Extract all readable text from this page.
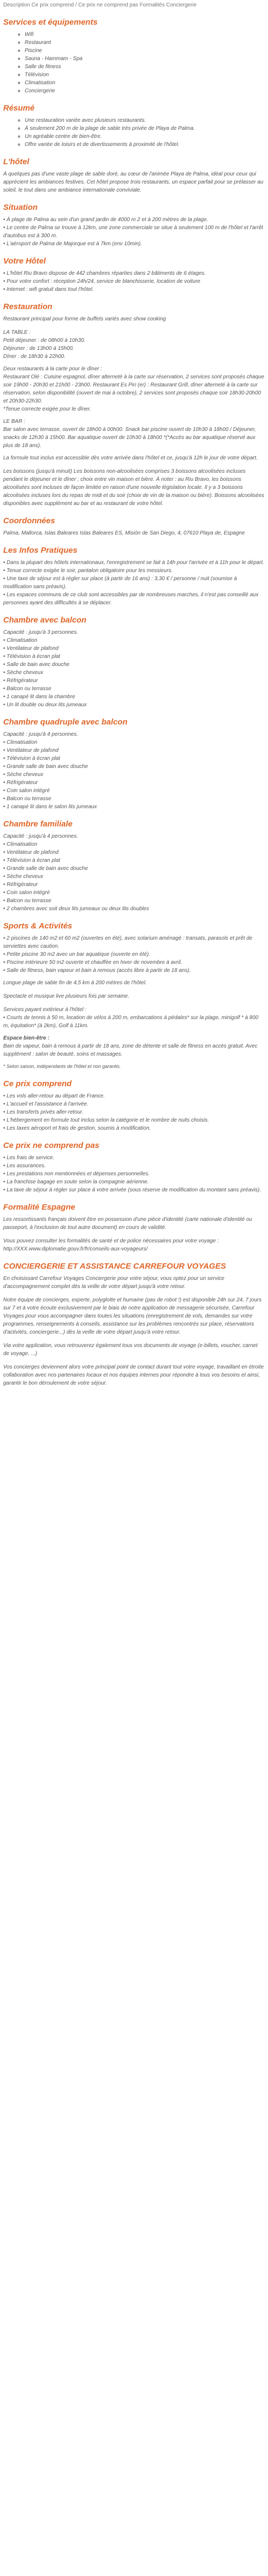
Description Ce prix comprend / Ce prix ne comprend pas Formalités Conciergerie
Services et équipements
◦ Wifi
◦ Restaurant
◦ Piscine
◦ Sauna - Hammam - Spa
◦ Salle de fitness
◦ Télévision
◦ Climatisation
◦ Conciergerie
Résumé
◦ Une restauration variée avec plusieurs restaurants.
◦ À seulement 200 m de la plage de sable très privée de Playa de Palma.
◦ Un agréable centre de bien-être.
◦ Offre variée de loisirs et de divertissements à proximité de l'hôtel.
L'hôtel

À quelques pas d'une vaste plage de sable doré, au cœur de l'animée Playa de Palma, idéal pour ceux qui apprécient les ambiances festives. Cet hôtel propose trois restaurants, un espace parfait pour se prélasser au soleil, le tout dans une ambiance internationale conviviale.

Situation
• À plage de Palma au sein d'un grand jardin de 4000 m 2 et à 200 mètres de la plage.
• Le centre de Palma se trouve à 12km, une zone commerciale se situe à seulement 100 m de l'hôtel et l'arrêt d'autobus est à 300 m.
• L'aéroport de Palma de Majorque est à 7km (env 10min).
Votre Hôtel
• L'hôtel Riu Bravo dispose de 442 chambres réparties dans 2 bâtiments de 6 étages.
• Pour votre confort : réception 24h/24, service de blanchisserie, location de voiture
• Internet : wifi gratuit dans tout l'hôtel.
Restauration

Restaurant principal pour forme de buffets variés avec show cooking

LA TABLE :
Petit déjeuner : de 08h00 à 10h30.
Déjeuner : de 13h00 à 15h00.
Dîner : de 18h30 à 22h00.
Deux restaurants à la carte pour le dîner :
Restaurant Olé : Cuisine espagnol, dîner alterneté à la carte sur réservation, 2 services sont proposés chaque soir 19h00 - 20h30 et 21h00 - 23h00. Restaurant Es Piri (er) : Restaurant Grill, dîner alterneté à la carte sur réservation, selon disponibilité (ouvert de mai à octobre), 2 services sont proposés chaque soir 18h30-20h00 et 20h30-22h30.
*Tenue correcte exigée pour le dîner.
LE BAR :
Bar salon avec terrasse, ouvert de 18h00 à 00h00. Snack bar piscine ouvert de 10h30 à 18h00 / Déjeuner, snacks de 12h30 à 15h00. Bar aquatique ouvert de 10h30 à 18h00 *(*Accès au bar aquatique réservé aux plus de 18 ans).

La formule tout inclus est accessible dès votre arrivée dans l'hôtel et ce, jusqu'à 12h le jour de votre départ.

Les boissons (jusqu'à minuit) Les boissons non-alcoolisées comprises 3 boissons alcoolisées incluses pendant le déjeuner et le dîner ; choix entre vin maison et bière. À noter : au Riu Bravo, les boissons alcoolisées sont incluses de façon limitée en raison d'une nouvelle législation locale. Il y a 3 boissons alcoolisées incluses lors du repas de midi et du soir (choix de vin de la maison ou bière). Boissons alcoolisées disponibles avec supplément au bar et au restaurant de votre hôtel.

Coordonnées

Palma, Mallorca, Islas Baleares Islas Baleares ES, Misión de San Diego, 4, 07610 Playa de, Espagne

Les Infos Pratiques
• Dans la plupart des hôtels internationaux, l'enregistrement se fait à 14h pour l'arrivée et à 11h pour le départ.
• Tenue correcte exigée le soir, pantalon obligatoire pour les messieurs.
• Une taxe de séjour est à régler sur place (à partir de 16 ans) : 3,30 € / personne / nuit (soumise à modification sans préavis).
• Les espaces communs de ce club sont accessibles par de nombreuses marches, il n'est pas conseillé aux personnes ayant des difficultés à se déplacer.
Chambre avec balcon
Capacité : jusqu'à 3 personnes.
• Climatisation
• Ventilateur de plafond
• Télévision à écran plat
• Salle de bain avec douche
• Sèche cheveux
• Réfrigérateur
• Balcon ou terrasse
• 1 canapé lit dans la chambre
• Un lit double ou deux lits jumeaux
Chambre quadruple avec balcon
Capacité : jusqu'à 4 personnes.
• Climatisation
• Ventilateur de plafond
• Télévision à écran plat
• Grande salle de bain avec douche
• Sèche cheveux
• Réfrigérateur
• Coin salon intégré
• Balcon ou terrasse
• 1 canapé lit dans le salon lits jumeaux
Chambre familiale
Capacité : jusqu'à 4 personnes.
• Climatisation
• Ventilateur de plafond
• Télévision à écran plat
• Grande salle de bain avec douche
• Sèche cheveux
• Réfrigérateur
• Coin salon intégré
• Balcon ou terrasse
• 2 chambres avec soit deux lits jumeaux ou deux lits doubles
Sports & Activités
• 2 piscines de 140 m2 et 60 m2 (ouvertes en été), avec solarium aménagé : transats, parasols et prêt de serviettes avec caution.
• Petite piscine 30 m2 avec un bar aquatique (ouverte en été).
• Piscine intérieure 50 m2 ouverte et chauffée en hiver de novembre à avril.
• Salle de fitness, bain vapeur et bain à remous (accès libre à partir de 18 ans).

Longue plage de sable fin de 4,5 km à 200 mètres de l'hôtel.

Spectacle et musique live plusieurs fois par semaine.

Services payant extérieur à l'hôtel :
• Courts de tennis à 50 m, location de vélos à 200 m, embarcations à pédales* sur la plage, minigolf * à 800 m, équitation* (à 2km), Golf à 11km.
Espace bien-être :
Bain de vapeur, bain à remous à partir de 18 ans, zone de détente et salle de fitness en accès gratuit. Avec supplément : salon de beauté, soins et massages.

* Selon saison, indépendants de l'hôtel et non garantis.

Ce prix comprend
• Les vols aller-retour au départ de France.
• L'accueil et l'assistance à l'arrivée.
• Les transferts privés aller-retour.
• L'hébergement en formule tout inclus selon la catégorie et le nombre de nuits choisis.
• Les taxes aéroport et frais de gestion, soumis à modification.
Ce prix ne comprend pas
• Les frais de service.
• Les assurances.
• Les prestations non mentionnées et dépenses personnelles.
• La franchise bagage en soute selon la compagnie aérienne.
• La taxe de séjour à régler sur place à votre arrivée (sous réserve de modification du montant sans préavis).
Formalité Espagne

Les ressortissants français doivent être en possession d'une pièce d'identité (carte nationale d'identité ou passeport, à l'exclusion de tout autre document) en cours de validité.

Vous pouvez consulter les formalités de santé et de police nécessaires pour votre voyage : http://XXX.www.diplomatie.gouv.fr/fr/conseils-aux-voyageurs/

CONCIERGERIE ET ASSISTANCE CARREFOUR VOYAGES

En choisissant Carrefour Voyages Conciergerie pour votre séjour, vous optez pour un service d'accompagnement complet dès la veille de votre départ jusqu'à votre retour.

Notre équipe de concierges, experte, polyglotte et humaine (pas de robot !) est disponible 24h sur 24, 7 jours sur 7 et à votre écoute exclusivement par le biais de notre application de messagerie sécurisée, Carrefour Voyages pour vous accompagner dans toutes les situations (enregistrement de vols, demandes sur votre programmes, renseignements à conseils, assistance sur les problèmes rencontrés sur place, réservations d'activités, conciergerie...) dès la veille de votre départ jusqu'à votre retour.

Via votre application, vous retrouverez également tous vos documents de voyage (e-billets, voucher, carnet de voyage, ...)

Vos concierges deviennent alors votre principal point de contact durant tout votre voyage, travaillant en étroite collaboration avec nos partenaires locaux et nos équipes internes pour répondre à tous vos besoins et ainsi, garantir le bon déroulement de votre séjour.
